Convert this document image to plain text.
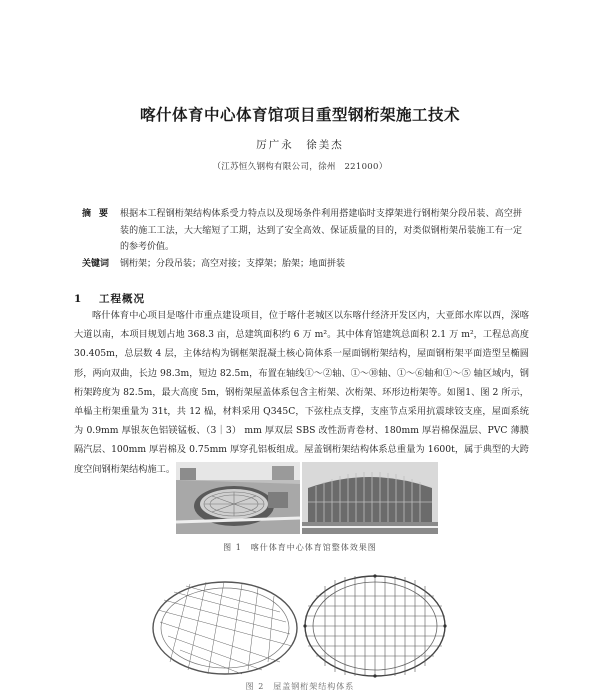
喀什体育中心体育馆项目重型钢桁架施工技术
厉广永　徐美杰
（江苏恒久钢构有限公司，徐州　221000）
摘要 根据本工程钢桁架结构体系受力特点以及现场条件利用搭建临时支撑架进行钢桁架分段吊装、高空拼装的施工工法，大大缩短了工期，达到了安全高效、保证质量的目的，对类似钢桁架吊装施工有一定的参考价值。
关键词 钢桁架；分段吊装；高空对接；支撑架；胎架；地面拼装
1 工程概况

喀什体育中心项目是喀什市重点建设项目，位于喀什老城区以东喀什经济开发区内，大亚郎水库以西，深喀大道以南，本项目规划占地 368.3 亩，总建筑面积约 6 万 m²。其中体育馆建筑总面积 2.1 万 m²，工程总高度 30.405m，总层数 4 层，主体结构为钢框架混凝土核心筒体系一屋面钢桁架结构，屋面钢桁架平面造型呈椭圆形，两向双曲，长边 98.3m，短边 82.5m，布置在轴线①～②轴、①～⑩轴、①～⑥轴和①～⑤ 轴区域内，钢桁架跨度为 82.5m，最大高度 5m，钢桁架屋盖体系包含主桁架、次桁架、环形边桁架等。如图1、图 2 所示，单榀主桁架重量为 31t，共 12 榀，材料采用 Q345C，下弦柱点支撑，支座节点采用抗震球铰支座，屋面系统为 0.9mm 厚银灰色铝镁锰板、（3｜3） mm 厚双层 SBS 改性沥青卷材、180mm 厚岩棉保温层、PVC 薄膜隔汽层、100mm 厚岩棉及 0.75mm 厚穿孔铝板组成。屋盖钢桁架结构体系总重量为 1600t，属于典型的大跨度空间钢桁架结构施工。

图 1　喀什体育中心体育馆整体效果图
图 2　屋盖钢桁架结构体系
